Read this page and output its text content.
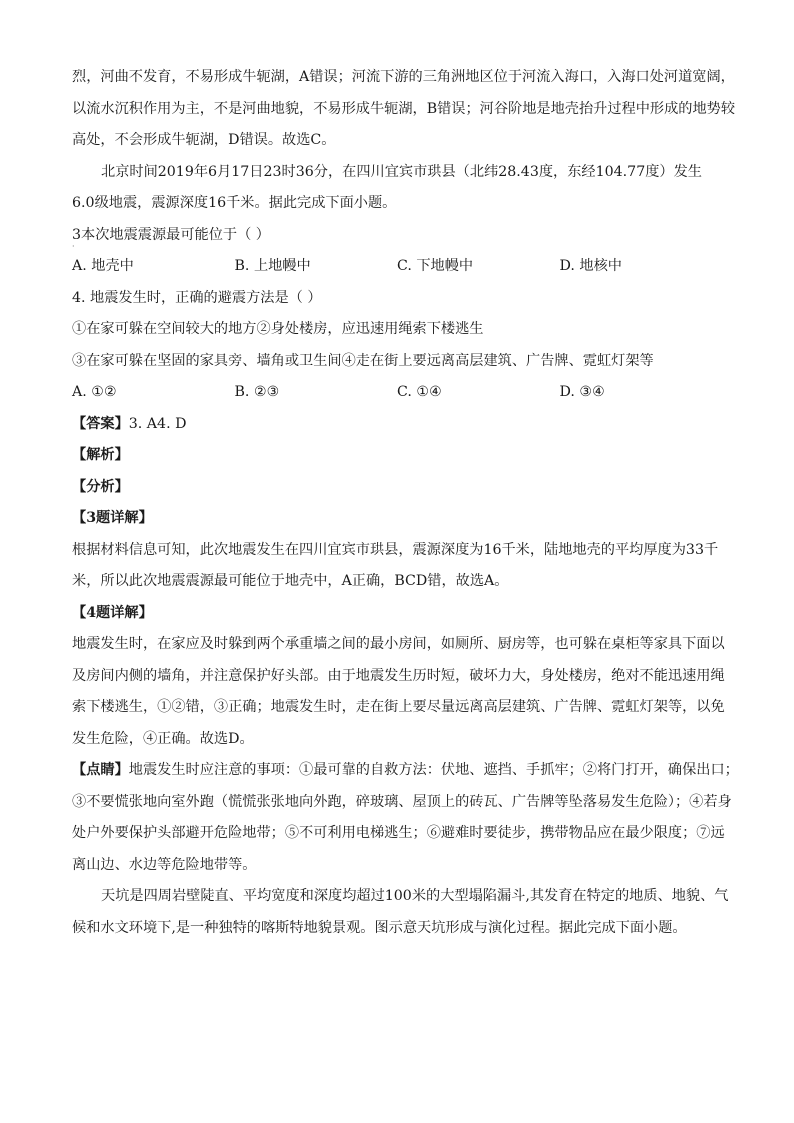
烈，河曲不发育，不易形成牛轭湖，A错误；河流下游的三角洲地区位于河流入海口，入海口处河道宽阔，
以流水沉积作用为主，不是河曲地貌，不易形成牛轭湖，B错误；河谷阶地是地壳抬升过程中形成的地势较
高处，不会形成牛轭湖，D错误。故选C。
北京时间2019年6月17日23时36分，在四川宜宾市珙县（北纬28.43度，东经104.77度）发生
6.0级地震，震源深度16千米。据此完成下面小题。
3本次地震震源最可能位于（ ）
·
A. 地壳中	B. 上地幔中	C. 下地幔中	D. 地核中
4. 地震发生时，正确的避震方法是（ ）
①在家可躲在空间较大的地方②身处楼房，应迅速用绳索下楼逃生
③在家可躲在坚固的家具旁、墙角或卫生间④走在街上要远离高层建筑、广告牌、霓虹灯架等
A. ①②	B. ②③	C. ①④	D. ③④
【答案】3. A4. D
【解析】
【分析】
【3题详解】
根据材料信息可知，此次地震发生在四川宜宾市珙县，震源深度为16千米，陆地地壳的平均厚度为33千
米，所以此次地震震源最可能位于地壳中，A正确，BCD错，故选A。
【4题详解】
地震发生时，在家应及时躲到两个承重墙之间的最小房间，如厕所、厨房等，也可躲在桌柜等家具下面以
及房间内侧的墙角，并注意保护好头部。由于地震发生历时短，破坏力大，身处楼房，绝对不能迅速用绳
索下楼逃生，①②错，③正确；地震发生时，走在街上要尽量远离高层建筑、广告牌、霓虹灯架等，以免
发生危险，④正确。故选D。
【点睛】地震发生时应注意的事项：①最可靠的自救方法：伏地、遮挡、手抓牢；②将门打开，确保出口；
③不要慌张地向室外跑（慌慌张张地向外跑，碎玻璃、屋顶上的砖瓦、广告牌等坠落易发生危险）；④若身
处户外要保护头部避开危险地带；⑤不可利用电梯逃生；⑥避难时要徒步，携带物品应在最少限度；⑦远
离山边、水边等危险地带等。
天坑是四周岩壁陡直、平均宽度和深度均超过100米的大型塌陷漏斗,其发育在特定的地质、地貌、气
候和水文环境下,是一种独特的喀斯特地貌景观。图示意天坑形成与演化过程。据此完成下面小题。
